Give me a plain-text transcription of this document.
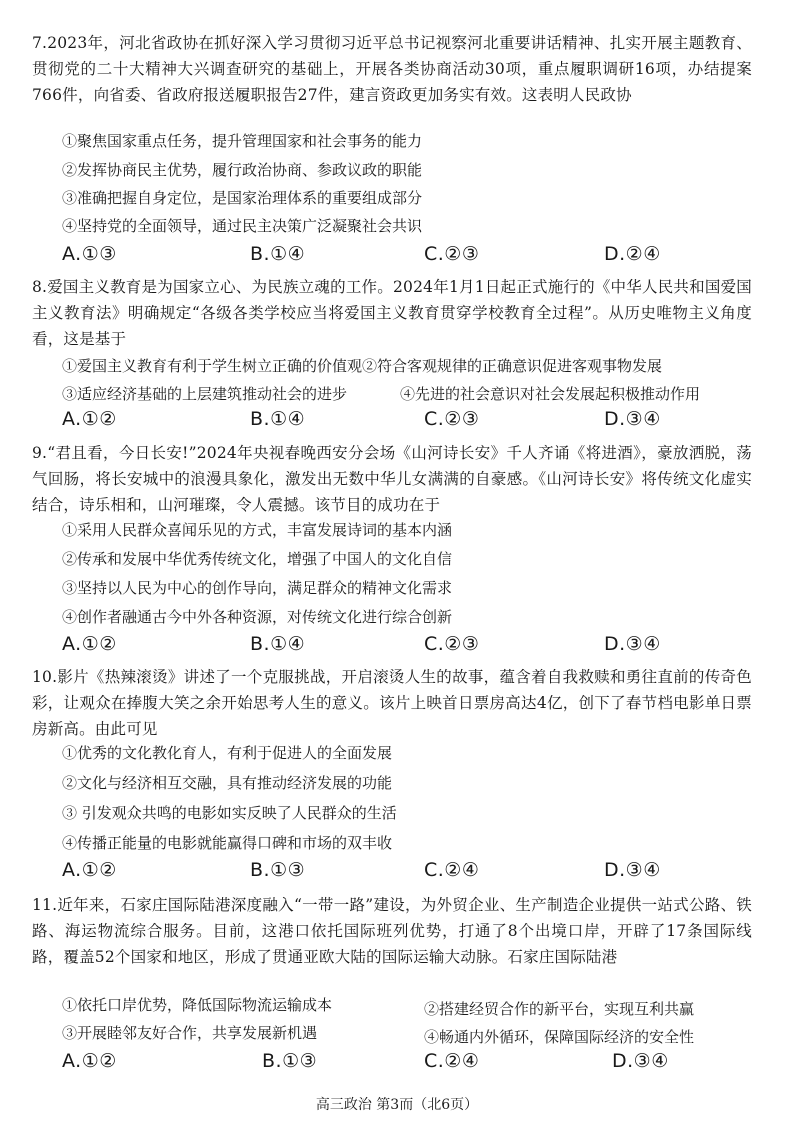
7.2023年，河北省政协在抓好深入学习贯彻习近平总书记视察河北重要讲话精神、扎实开展主题教育、贯彻党的二十大精神大兴调查研究的基础上，开展各类协商活动30项，重点履职调研16项，办结提案766件，向省委、省政府报送履职报告27件，建言资政更加务实有效。这表明人民政协
①聚焦国家重点任务，提升管理国家和社会事务的能力
②发挥协商民主优势，履行政治协商、参政议政的职能
③准确把握自身定位，是国家治理体系的重要组成部分
④坚持党的全面领导，通过民主决策广泛凝聚社会共识
A.①③	B.①④	C.②③	D.②④
8.爱国主义教育是为国家立心、为民族立魂的工作。2024年1月1日起正式施行的《中华人民共和国爱国主义教育法》明确规定“各级各类学校应当将爱国主义教育贯穿学校教育全过程”。从历史唯物主义角度看，这是基于
①爱国主义教育有利于学生树立正确的价值观②符合客观规律的正确意识促进客观事物发展
③适应经济基础的上层建筑推动社会的进步	④先进的社会意识对社会发展起积极推动作用
A.①②	B.①④	C.②③	D.③④
9.“君且看，今日长安!”2024年央视春晚西安分会场《山河诗长安》千人齐诵《将进酒》，豪放洒脱，荡气回肠，将长安城中的浪漫具象化，激发出无数中华儿女满满的自豪感。《山河诗长安》将传统文化虚实结合，诗乐相和，山河璀璨，令人震撼。该节目的成功在于
①采用人民群众喜闻乐见的方式，丰富发展诗词的基本内涵
②传承和发展中华优秀传统文化，增强了中国人的文化自信
③坚持以人民为中心的创作导向，满足群众的精神文化需求
④创作者融通古今中外各种资源，对传统文化进行综合创新
A.①②	B.①④	C.②③	D.③④
10.影片《热辣滚烫》讲述了一个克服挑战，开启滚烫人生的故事，蕴含着自我救赎和勇往直前的传奇色彩，让观众在捧腹大笑之余开始思考人生的意义。该片上映首日票房高达4亿，创下了春节档电影单日票房新高。由此可见
①优秀的文化教化育人，有利于促进人的全面发展
②文化与经济相互交融，具有推动经济发展的功能
③ 引发观众共鸣的电影如实反映了人民群众的生活
④传播正能量的电影就能赢得口碑和市场的双丰收
A.①②	B.①③	C.②④	D.③④
11.近年来，石家庄国际陆港深度融入“一带一路”建设，为外贸企业、生产制造企业提供一站式公路、铁路、海运物流综合服务。目前，这港口依托国际班列优势，打通了8个出境口岸，开辟了17条国际线路，覆盖52个国家和地区，形成了贯通亚欧大陆的国际运输大动脉。石家庄国际陆港
①依托口岸优势，降低国际物流运输成本	②搭建经贸合作的新平台，实现互利共赢
③开展睦邻友好合作，共享发展新机遇	④畅通内外循环，保障国际经济的安全性
A.①②	B.①③	C.②④	D.③④
高三政治 第3而（北6页）
